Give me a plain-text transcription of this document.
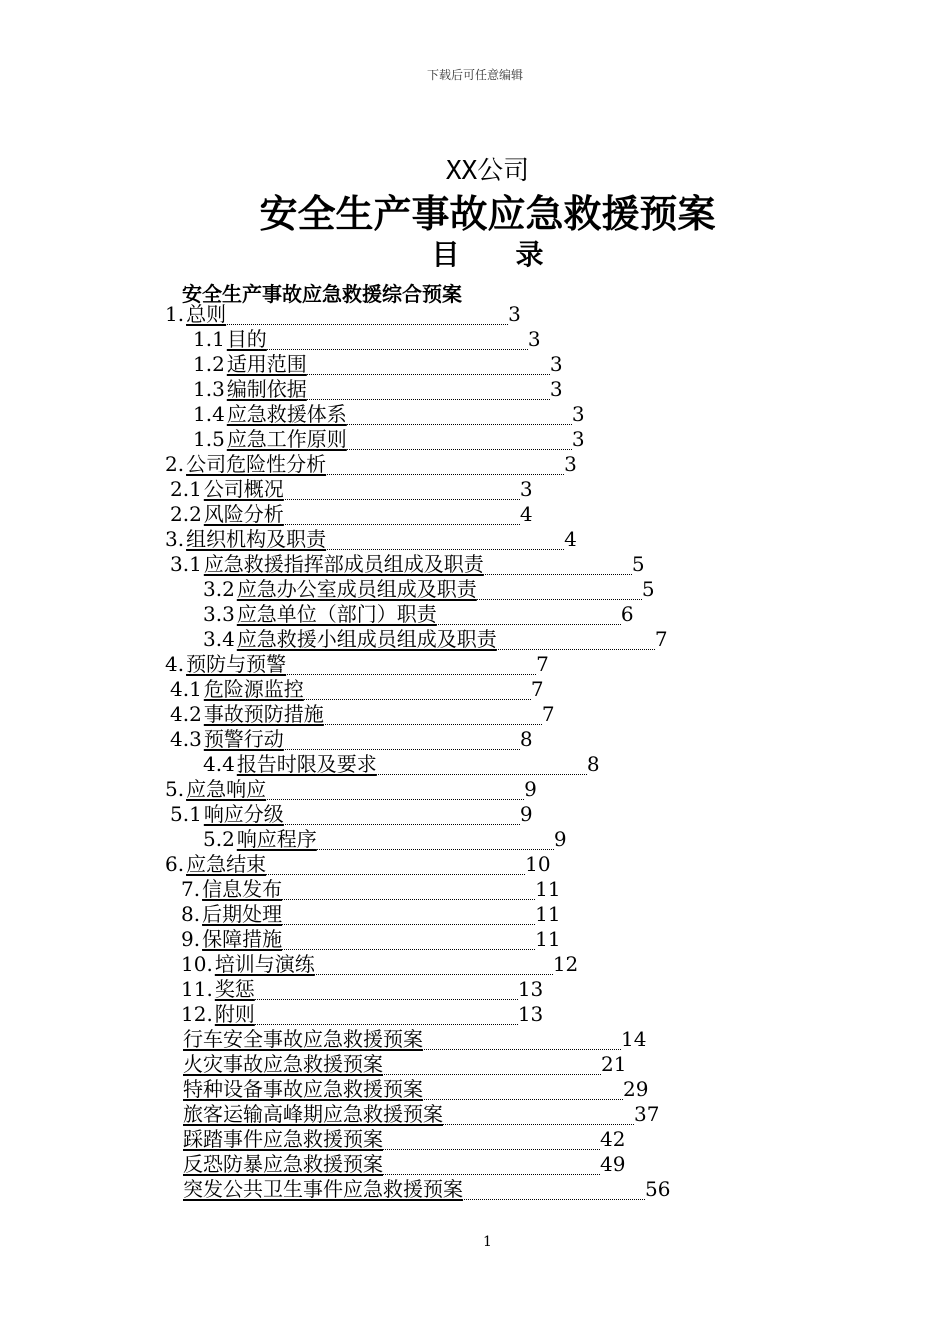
下载后可任意编辑
XX公司
安全生产事故应急救援预案
目　　录
安全生产事故应急救援综合预案
1. 总则	3
1.1目的	3
1.2适用范围	3
1.3编制依据	3
1.4应急救援体系	3
1.5应急工作原则	3
2. 公司危险性分析	3
2.1公司概况	3
2.2风险分析	4
3. 组织机构及职责	4
3.1应急救援指挥部成员组成及职责	5
3.2应急办公室成员组成及职责	5
3.3应急单位（部门）职责	6
3.4应急救援小组成员组成及职责	7
4.预防与预警	7
4.1危险源监控	7
4.2事故预防措施	7
4.3预警行动	8
4.4报告时限及要求	8
5.应急响应	9
5.1响应分级	9
5.2响应程序	9
6.应急结束	10
7.信息发布	11
8.后期处理	11
9.保障措施	11
10.培训与演练	12
11.奖惩	13
12.附则	13
行车安全事故应急救援预案	14
火灾事故应急救援预案	21
特种设备事故应急救援预案	29
旅客运输高峰期应急救援预案	37
踩踏事件应急救援预案	42
反恐防暴应急救援预案	49
突发公共卫生事件应急救援预案	56
1
